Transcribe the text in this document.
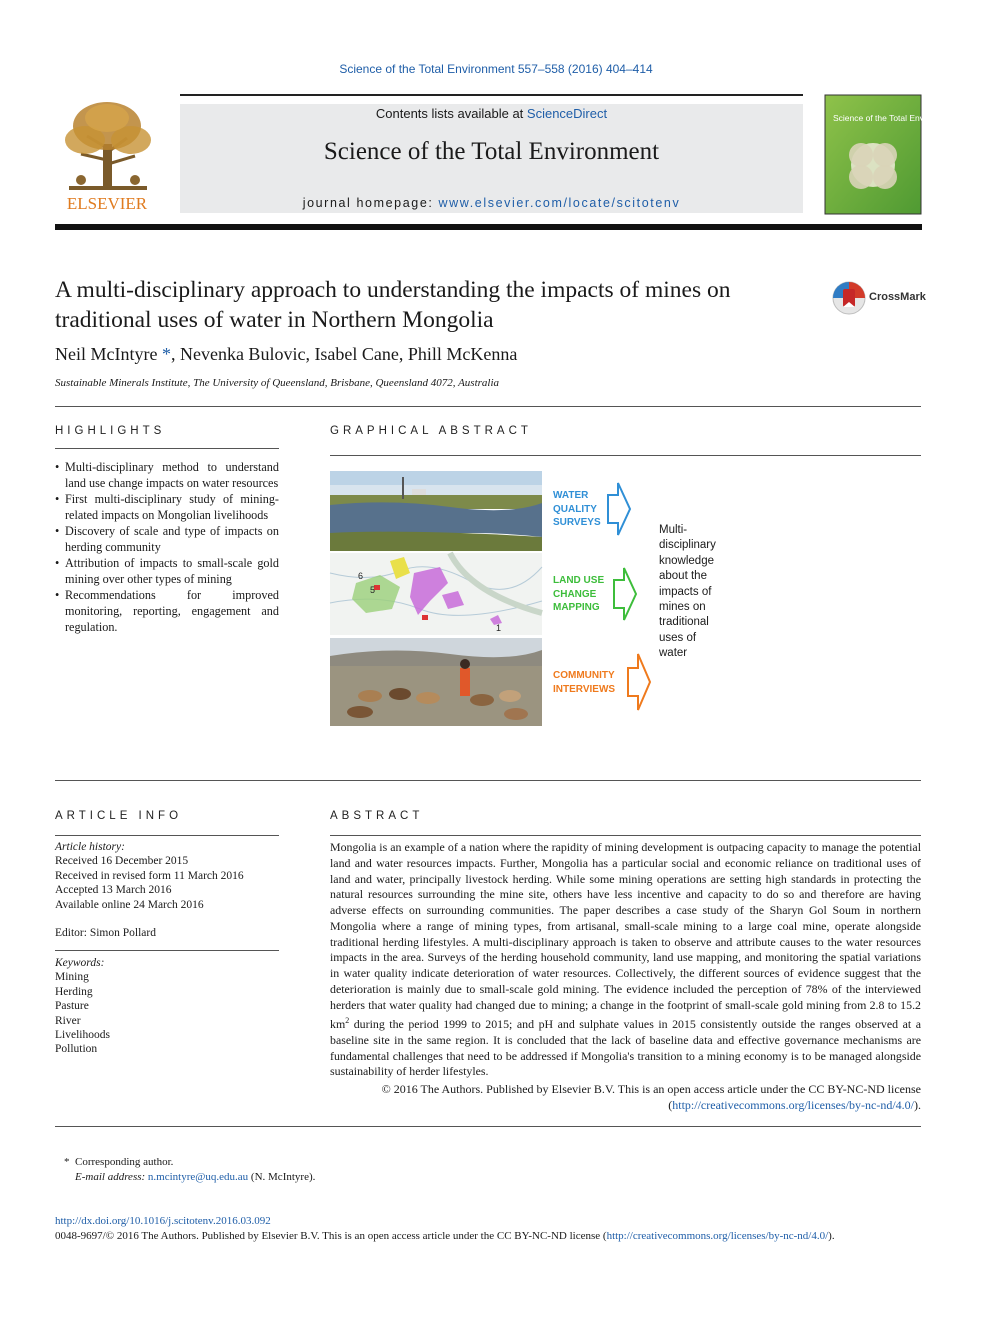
Science of the Total Environment 557–558 (2016) 404–414
ELSEVIER
Contents lists available at ScienceDirect
Science of the Total Environment
journal homepage: www.elsevier.com/locate/scitotenv
Science of the Total Environment
A multi-disciplinary approach to understanding the impacts of mines on traditional uses of water in Northern Mongolia
CrossMark
Neil McIntyre *, Nevenka Bulovic, Isabel Cane, Phill McKenna
Sustainable Minerals Institute, The University of Queensland, Brisbane, Queensland 4072, Australia
HIGHLIGHTS
• Multi-disciplinary method to understand land use change impacts on water resources
• First multi-disciplinary study of mining-related impacts on Mongolian livelihoods
• Discovery of scale and type of impacts on herding community
• Attribution of impacts to small-scale gold mining over other types of mining
• Recommendations for improved monitoring, reporting, engagement and regulation.
GRAPHICAL ABSTRACT
6
5
1
WATER
QUALITY
SURVEYS
LAND USE
CHANGE
MAPPING
COMMUNITY
INTERVIEWS
Multi-
disciplinary
knowledge
about the
impacts of
mines on
traditional
uses of
water
ARTICLE INFO
Article history:
Received 16 December 2015
Received in revised form 11 March 2016
Accepted 13 March 2016
Available online 24 March 2016
Editor: Simon Pollard
Keywords:
Mining
Herding
Pasture
River
Livelihoods
Pollution
ABSTRACT

Mongolia is an example of a nation where the rapidity of mining development is outpacing capacity to manage the potential land and water resources impacts. Further, Mongolia has a particular social and economic reliance on traditional uses of land and water, principally livestock herding. While some mining operations are setting high standards in protecting the natural resources surrounding the mine site, others have less incentive and capacity to do so and therefore are having adverse effects on surrounding communities. The paper describes a case study of the Sharyn Gol Soum in northern Mongolia where a range of mining types, from artisanal, small-scale mining to a large coal mine, operate alongside traditional herding lifestyles. A multi-disciplinary approach is taken to observe and attribute causes to the water resources impacts in the area. Surveys of the herding household community, land use mapping, and monitoring the spatial variations in water quality indicate deterioration of water resources. Collectively, the different sources of evidence suggest that the deterioration is mainly due to small-scale gold mining. The evidence included the perception of 78% of the interviewed herders that water quality had changed due to mining; a change in the footprint of small-scale gold mining from 2.8 to 15.2 $km^2$ during the period 1999 to 2015; and pH and sulphate values in 2015 consistently outside the ranges observed at a baseline site in the same region. It is concluded that the lack of baseline data and effective governance mechanisms are fundamental challenges that need to be addressed if Mongolia's transition to a mining economy is to be managed alongside sustainability of herder lifestyles.

© 2016 The Authors. Published by Elsevier B.V. This is an open access article under the CC BY-NC-ND license
(http://creativecommons.org/licenses/by-nc-nd/4.0/).
* Corresponding author.
E-mail address: n.mcintyre@uq.edu.au (N. McIntyre).
http://dx.doi.org/10.1016/j.scitotenv.2016.03.092
0048-9697/© 2016 The Authors. Published by Elsevier B.V. This is an open access article under the CC BY-NC-ND license (http://creativecommons.org/licenses/by-nc-nd/4.0/).
